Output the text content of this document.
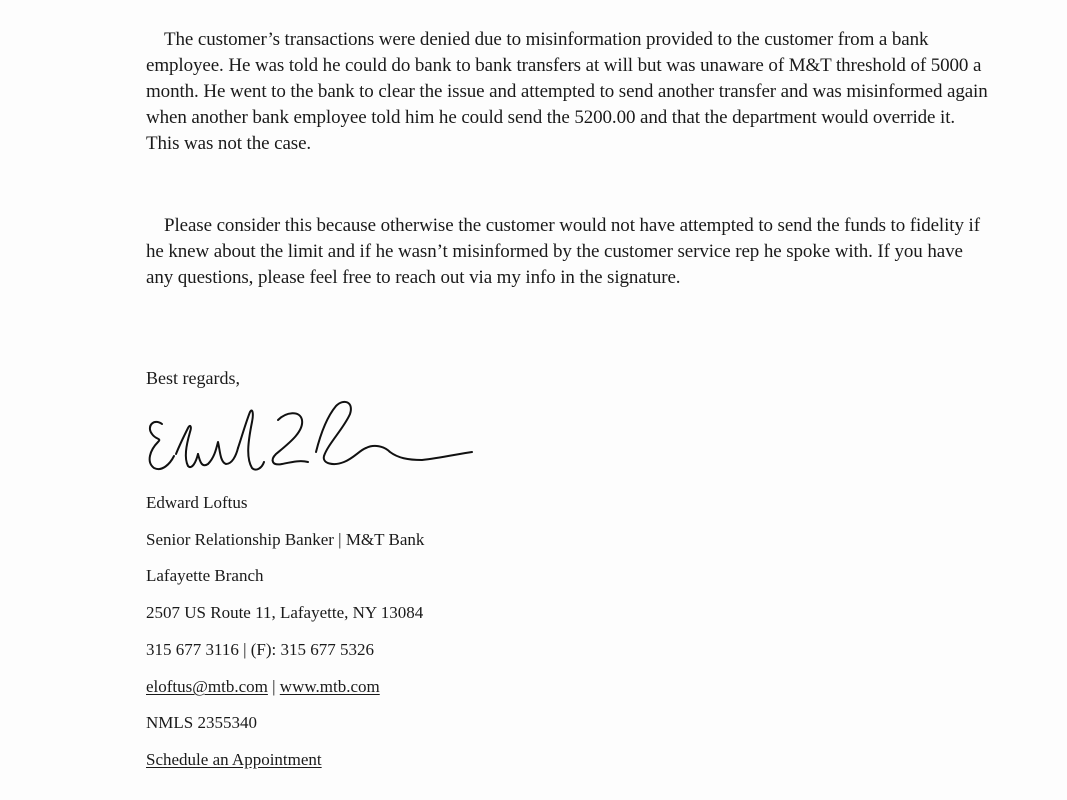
The customer’s transactions were denied due to misinformation provided to the customer from a bank employee. He was told he could do bank to bank transfers at will but was unaware of M&T threshold of 5000 a month. He went to the bank to clear the issue and attempted to send another transfer and was misinformed again when another bank employee told him he could send the 5200.00 and that the department would override it. This was not the case.

Please consider this because otherwise the customer would not have attempted to send the funds to fidelity if he knew about the limit and if he wasn’t misinformed by the customer service rep he spoke with. If you have any questions, please feel free to reach out via my info in the signature.

Best regards,

Edward Loftus

Senior Relationship Banker | M&T Bank

Lafayette Branch

2507 US Route 11, Lafayette, NY 13084

315 677 3116 | (F): 315 677 5326

eloftus@mtb.com | www.mtb.com

NMLS 2355340

Schedule an Appointment
